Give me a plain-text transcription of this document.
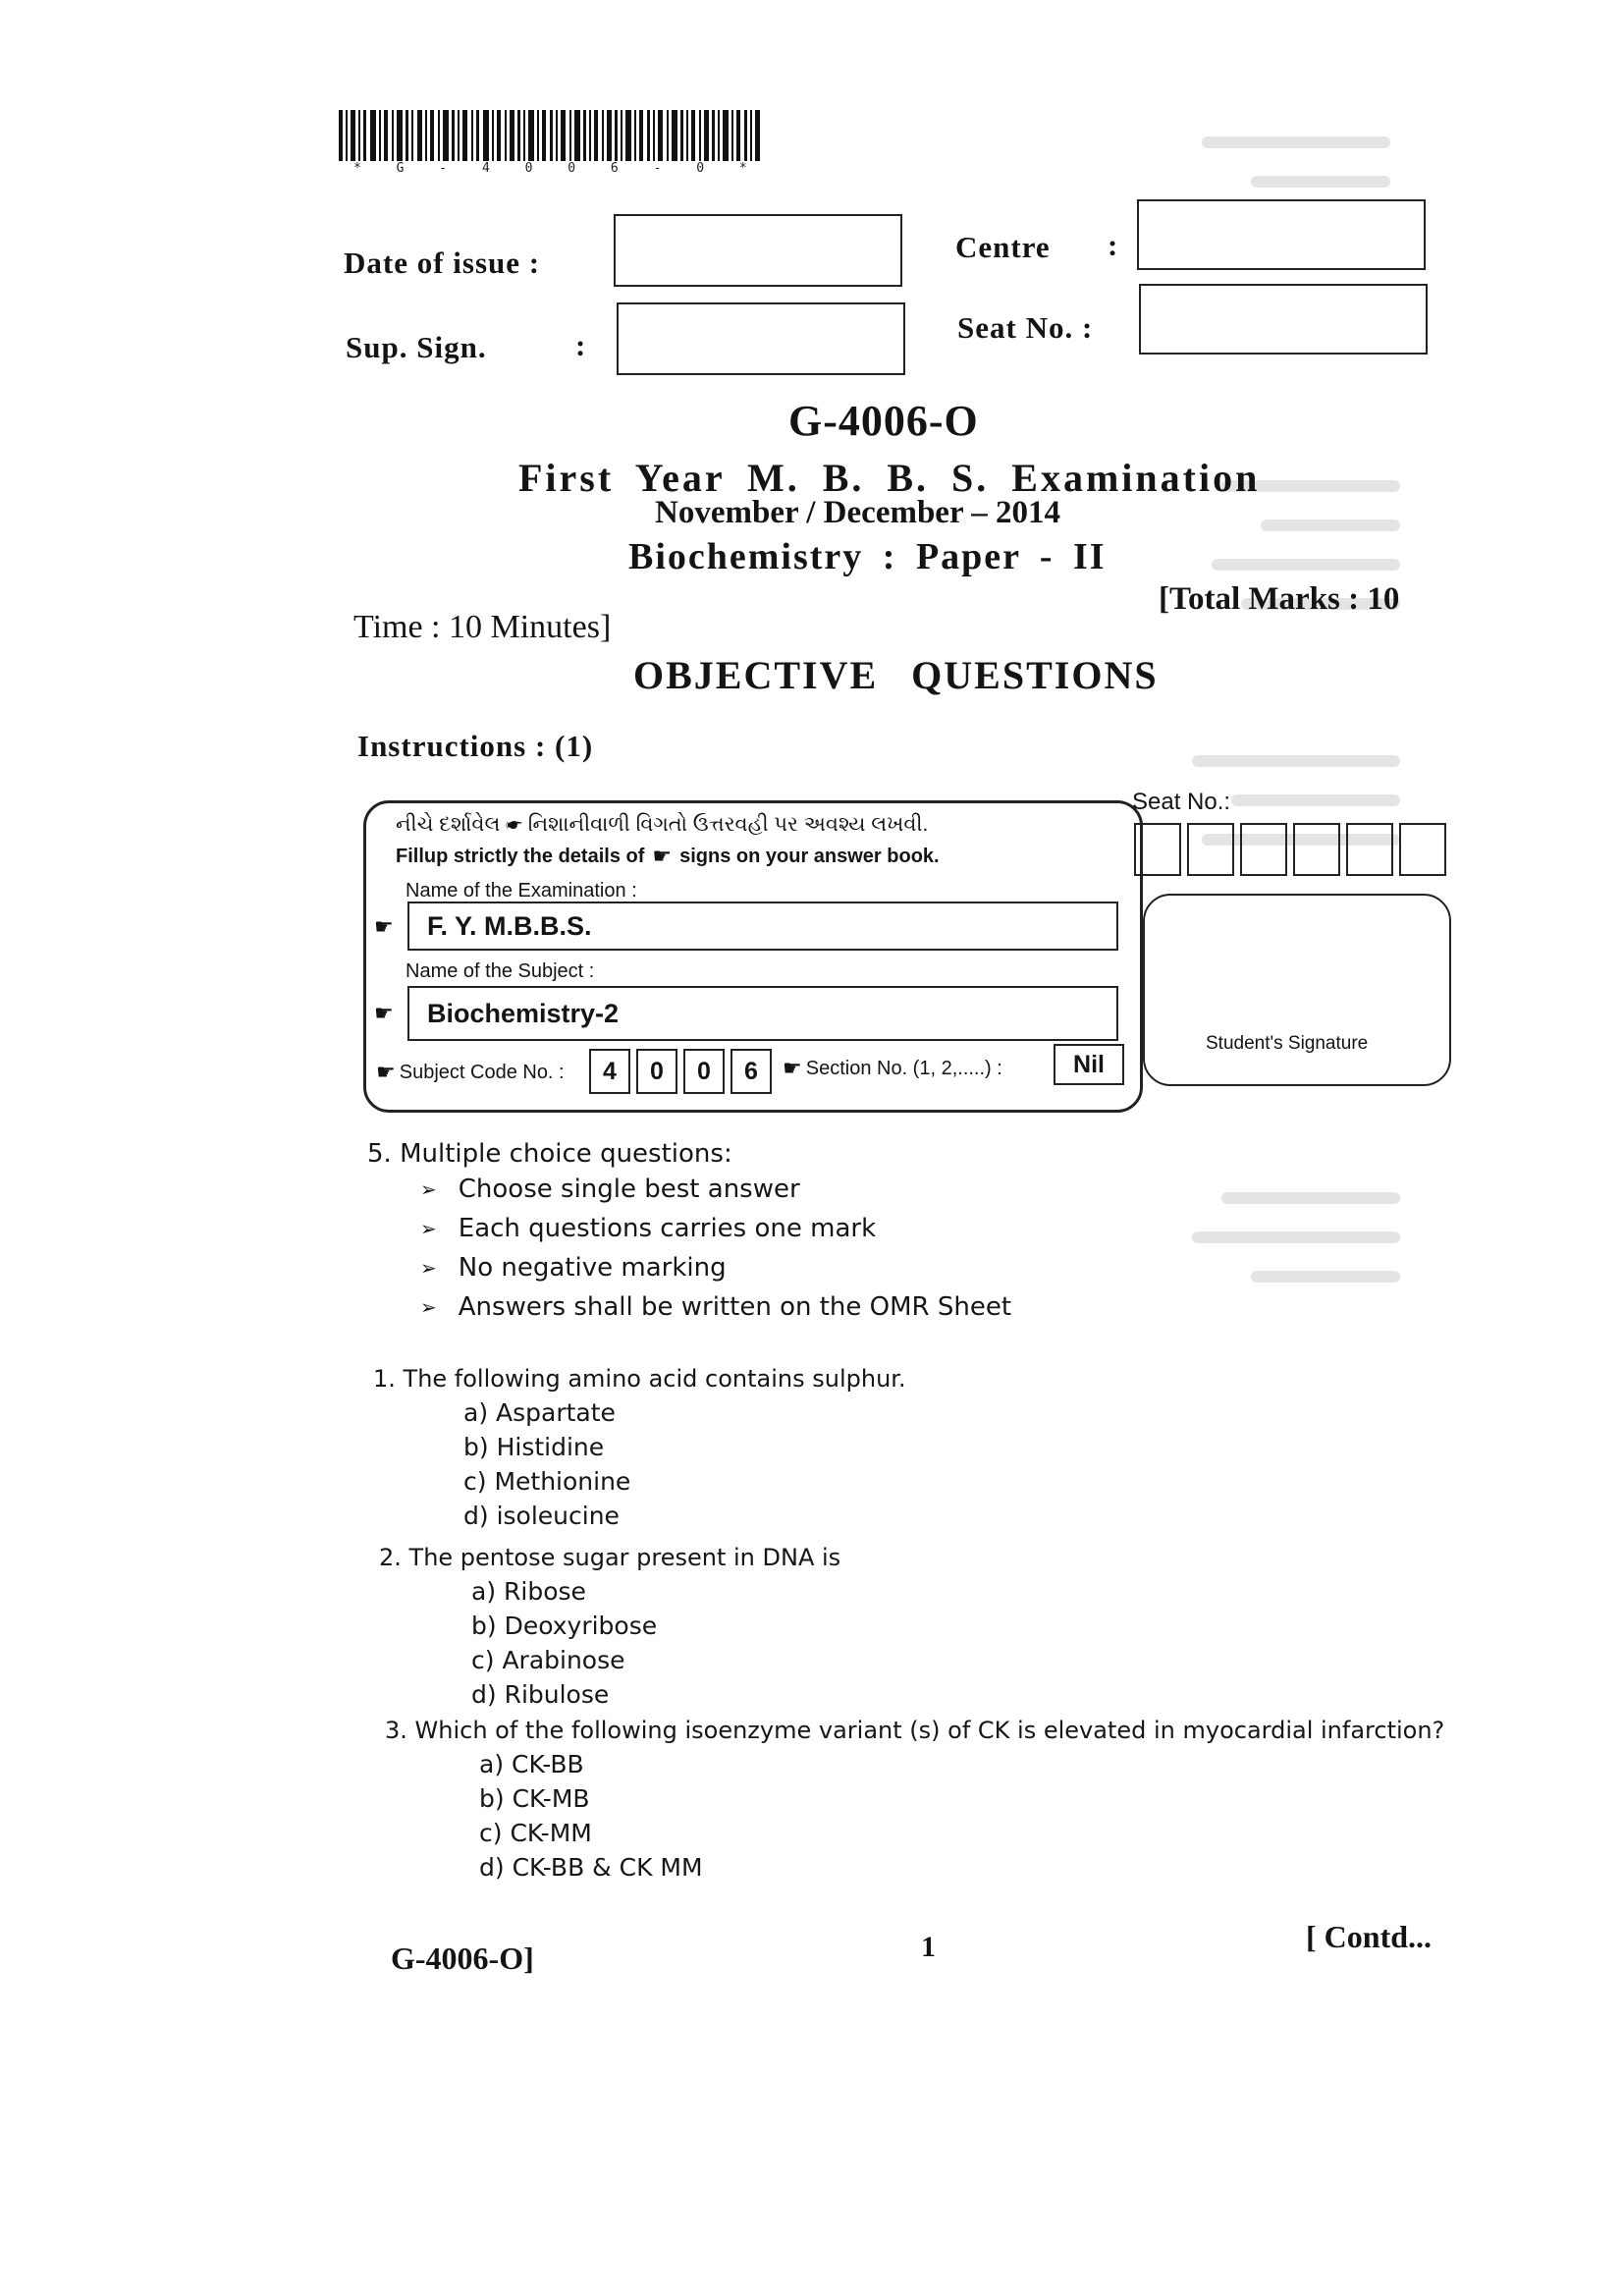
* G - 4 0 0 6 - 0 *
Date of issue :
Sup. Sign.	:
Centre :
Seat No. :
G-4006-O
First Year M. B. B. S. Examination
November / December – 2014
Biochemistry : Paper - II
Time : 10 Minutes]
[Total Marks : 10
OBJECTIVE QUESTIONS
Instructions : (1)
નીચે દર્શાવેલ ☛ નિશાનીવાળી વિગતો ઉત્તરવહી પર અવશ્ય લખવી.
Fillup strictly the details of ☛ signs on your answer book.
Name of the Examination :
☛ F. Y. M.B.B.S.
Name of the Subject :
☛ Biochemistry-2
☛ Subject Code No. :	4	0	0	6	☛ Section No. (1, 2,.....) :	Nil
Seat No.:
Student's Signature
5. Multiple choice questions:
➢ Choose single best answer
➢ Each questions carries one mark
➢ No negative marking
➢ Answers shall be written on the OMR Sheet
1. The following amino acid contains sulphur.
a) Aspartate
b) Histidine
c) Methionine
d) isoleucine
2. The pentose sugar present in DNA is
a) Ribose
b) Deoxyribose
c) Arabinose
d) Ribulose
3. Which of the following isoenzyme variant (s) of CK is elevated in myocardial infarction?
a) CK-BB
b) CK-MB
c) CK-MM
d) CK-BB & CK MM
G-4006-O]	1	[ Contd...
